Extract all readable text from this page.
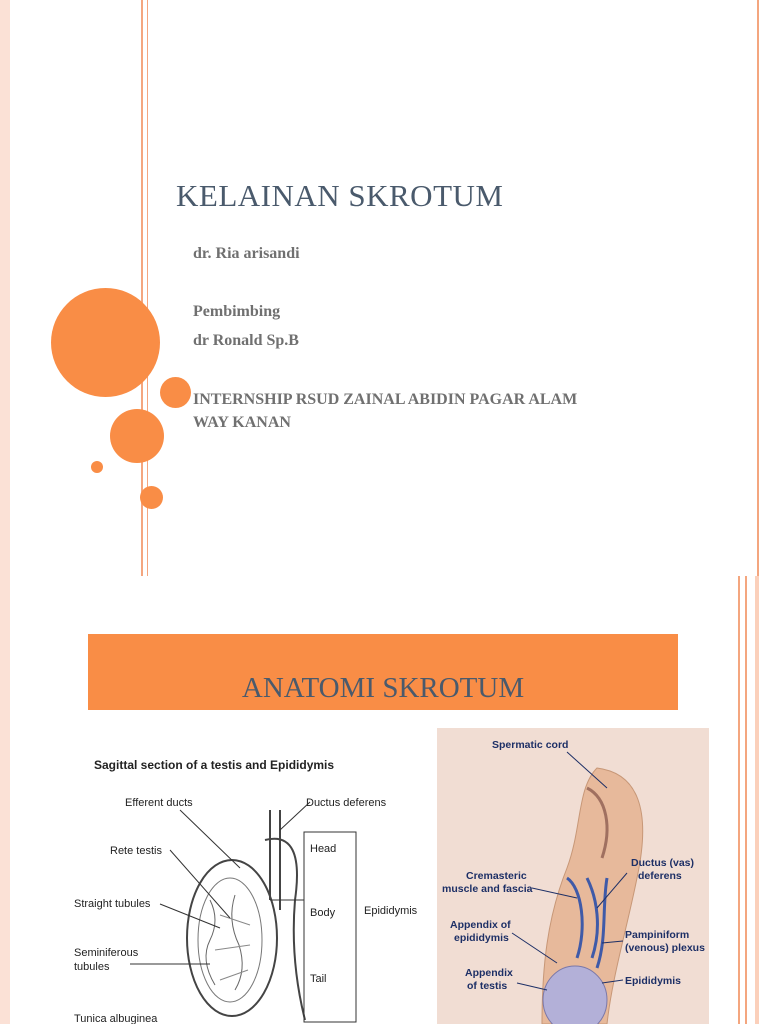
KELAINAN SKROTUM
dr. Ria arisandi
Pembimbing
dr Ronald Sp.B
INTERNSHIP RSUD ZAINAL ABIDIN PAGAR ALAM
WAY KANAN
ANATOMI SKROTUM
Sagittal section of a testis and Epididymis
Head
Body
Tail
Epididymis
Efferent ducts	Ductus deferens
Rete testis
Straight tubules
Seminiferous
tubules
Tunica albuginea
Spermatic cord
Cremasteric
muscle and fascia
Ductus (vas)
deferens
Appendix of
epididymis	Pampiniform
(venous) plexus
Appendix
of testis	Epididymis
